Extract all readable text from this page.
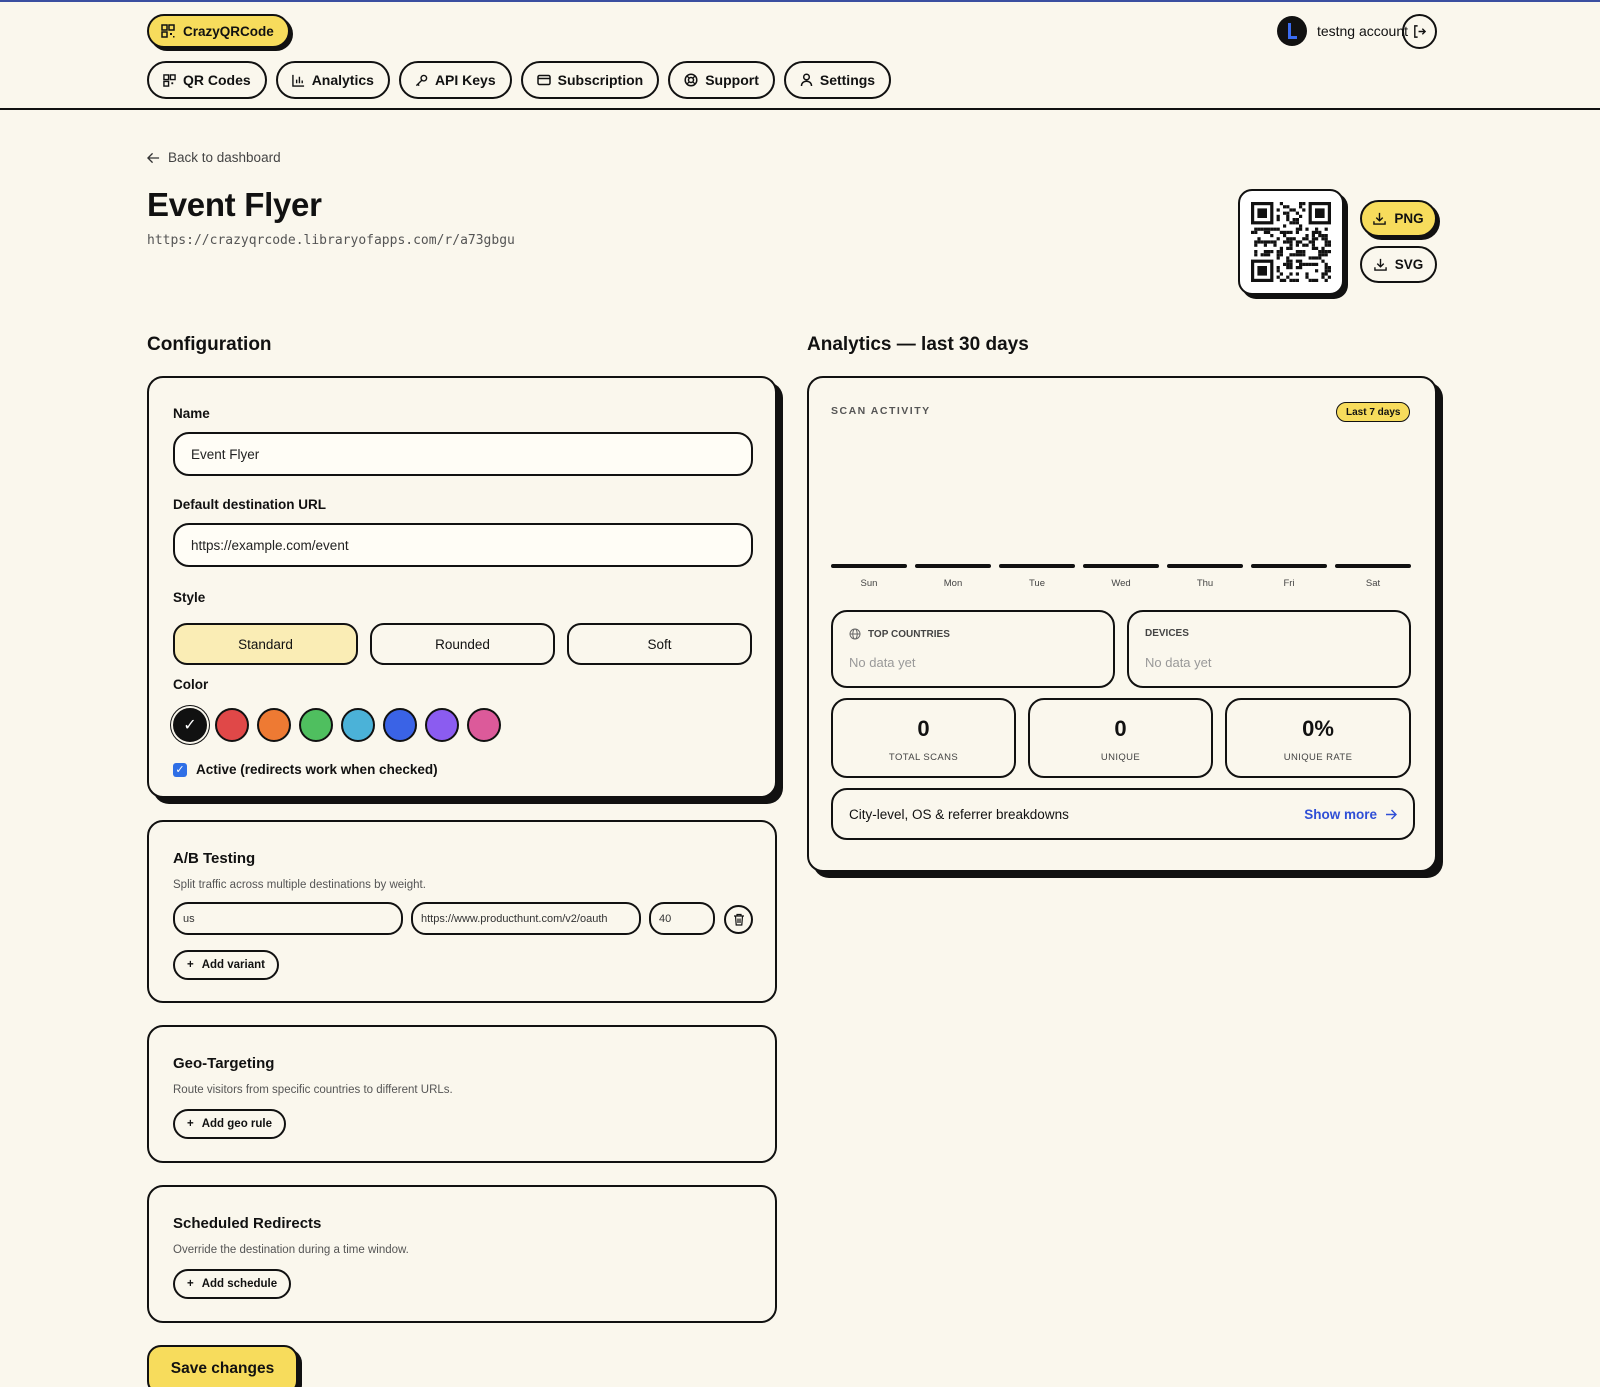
CrazyQRCode
QR Codes	Analytics	API Keys	Subscription	Support	Settings
testng account
Back to dashboard
Event Flyer
https://crazyqrcode.libraryofapps.com/r/a73gbgu
PNG
SVG
Configuration
Name
Event Flyer
Default destination URL
https://example.com/event
Style
Standard	Rounded	Soft
Color
✓
✓ Active (redirects work when checked)
A/B Testing
Split traffic across multiple destinations by weight.
us	https://www.producthunt.com/v2/oauth	40
+ Add variant
Geo-Targeting
Route visitors from specific countries to different URLs.
+ Add geo rule
Scheduled Redirects
Override the destination during a time window.
+ Add schedule
Save changes
Analytics — last 30 days
SCAN ACTIVITY	Last 7 days
Sun	Mon	Tue	Wed	Thu	Fri	Sat
TOP COUNTRIES
No data yet
DEVICES
No data yet
0
TOTAL SCANS
0
UNIQUE
0%
UNIQUE RATE
City-level, OS & referrer breakdowns	Show more
